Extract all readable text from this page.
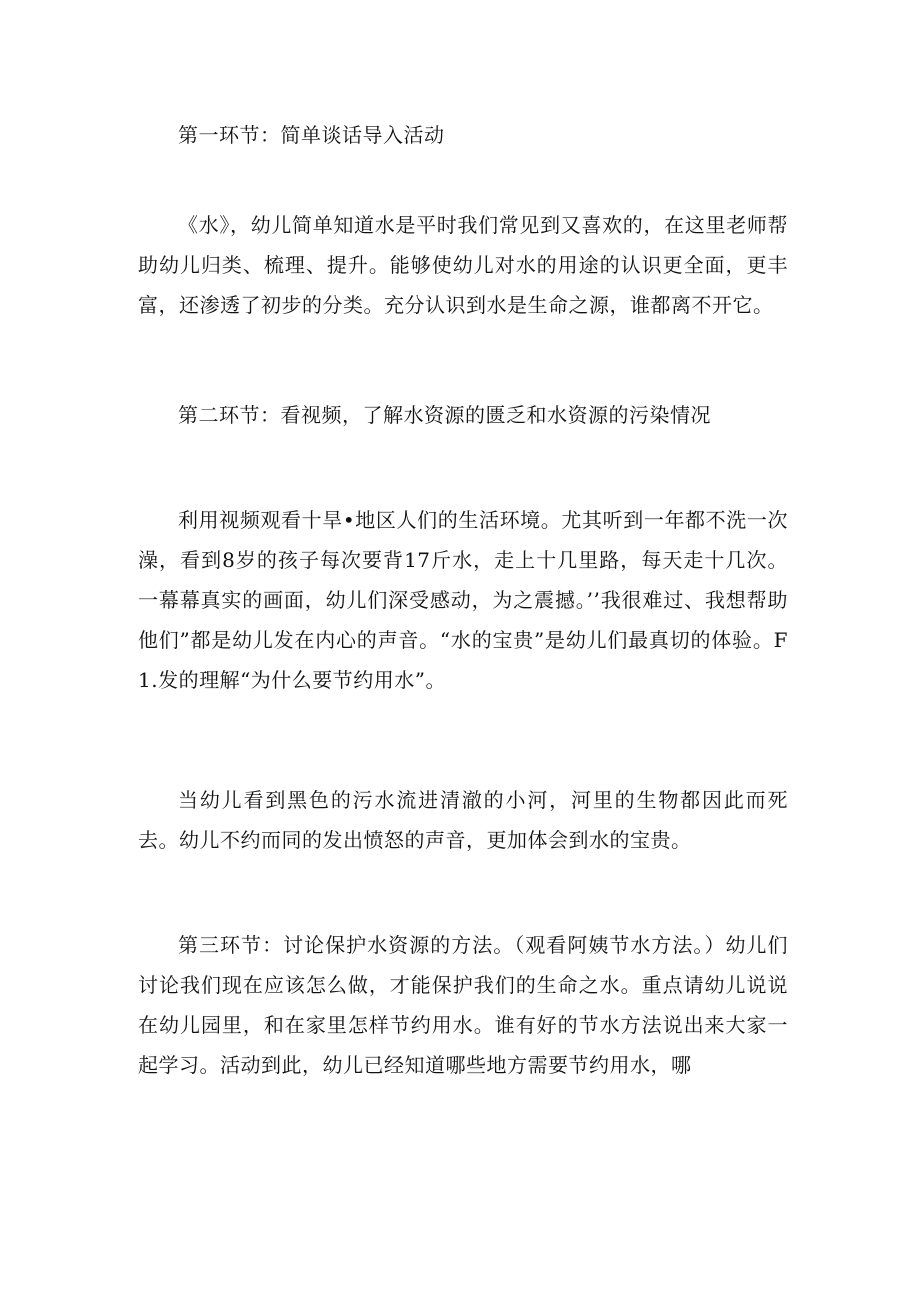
第一环节：简单谈话导入活动

《水》，幼儿简单知道水是平时我们常见到又喜欢的，在这里老师帮助幼儿归类、梳理、提升。能够使幼儿对水的用途的认识更全面，更丰富，还渗透了初步的分类。充分认识到水是生命之源，谁都离不开它。

第二环节：看视频，了解水资源的匮乏和水资源的污染情况

利用视频观看十旱•地区人们的生活环境。尤其听到一年都不洗一次澡，看到8岁的孩子每次要背17斤水，走上十几里路，每天走十几次。一幕幕真实的画面，幼儿们深受感动，为之震撼。’’我很难过、我想帮助他们”都是幼儿发在内心的声音。“水的宝贵”是幼儿们最真切的体验。F1.发的理解“为什么要节约用水”。

当幼儿看到黑色的污水流进清澈的小河，河里的生物都因此而死去。幼儿不约而同的发出愤怒的声音，更加体会到水的宝贵。

第三环节：讨论保护水资源的方法。（观看阿姨节水方法。）幼儿们讨论我们现在应该怎么做，才能保护我们的生命之水。重点请幼儿说说在幼儿园里，和在家里怎样节约用水。谁有好的节水方法说出来大家一起学习。活动到此，幼儿已经知道哪些地方需要节约用水，哪
